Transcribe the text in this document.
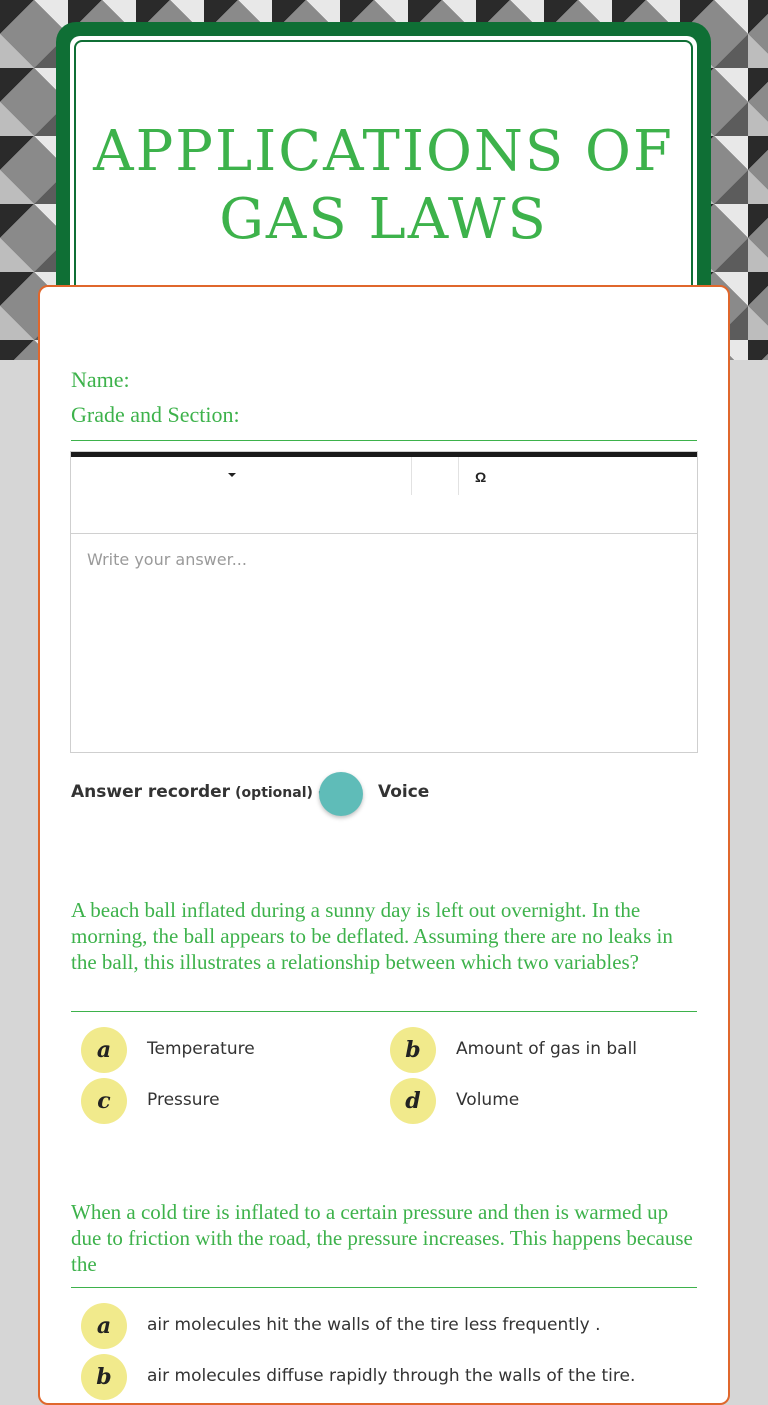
APPLICATIONS OF GAS LAWS
Name:
Grade and Section:
Ω
Write your answer...
Answer recorder (optional)	Voice
A beach ball inflated during a sunny day is left out overnight. In the morning, the ball appears to be deflated. Assuming there are no leaks in the ball, this illustrates a relationship between which two variables?
a	Temperature	b	Amount of gas in ball
c	Pressure	d	Volume
When a cold tire is inflated to a certain pressure and then is warmed up due to friction with the road, the pressure increases. This happens because the
a	air molecules hit the walls of the tire less frequently .
b	air molecules diffuse rapidly through the walls of the tire.
